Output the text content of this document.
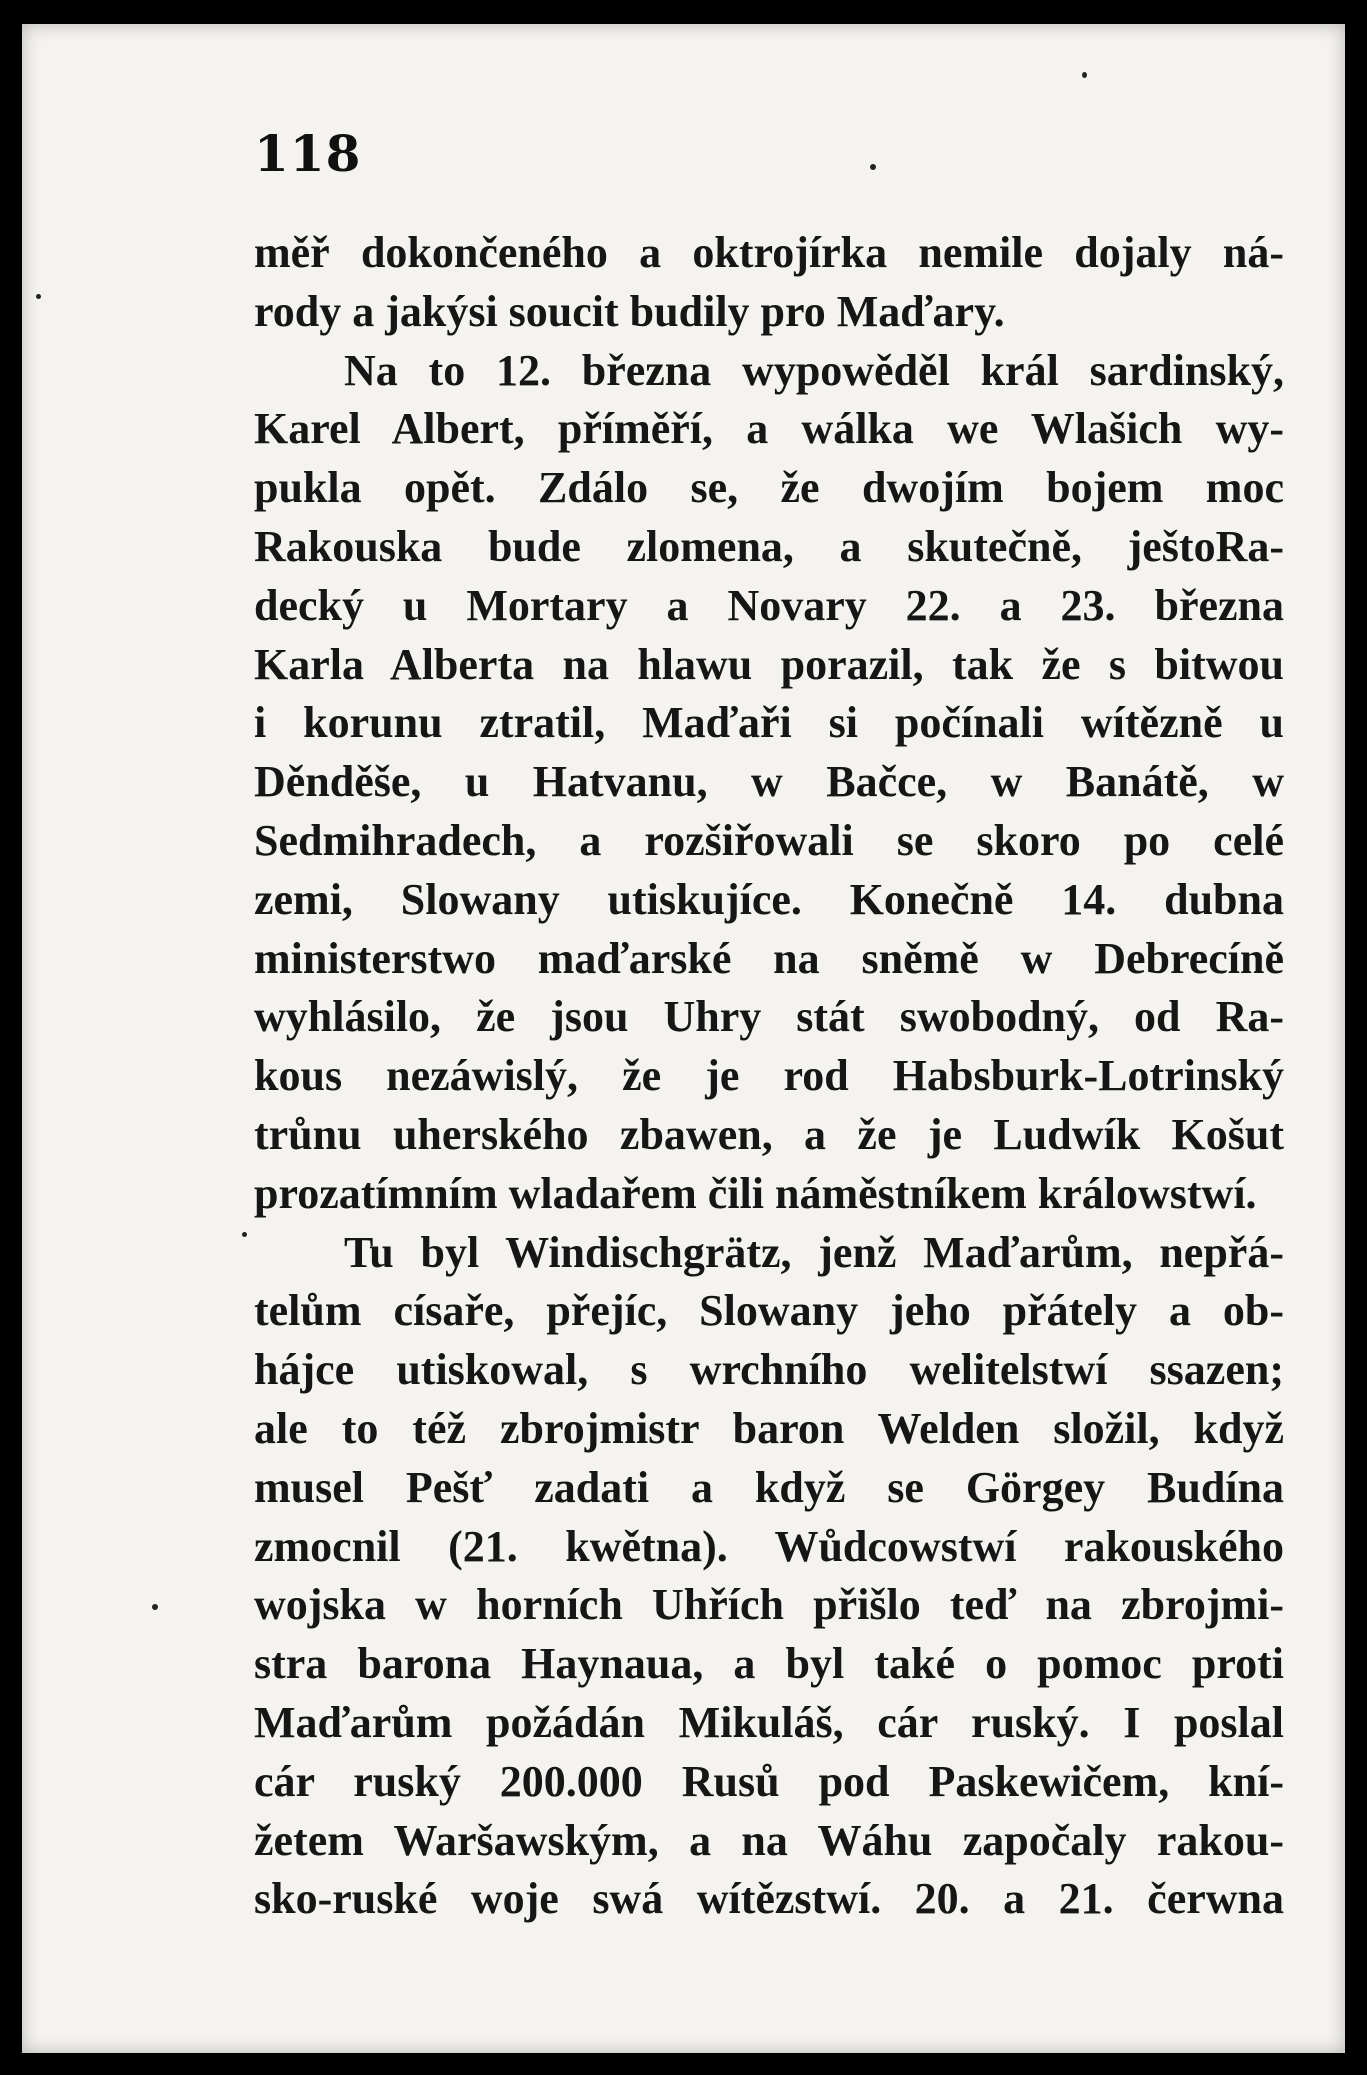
118
měř dokončeného a oktrojírka nemile dojaly ná-
rody a jakýsi soucit budily pro Maďary.
Na to 12. března wypowěděl král sardinský,
Karel Albert, příměří, a wálka we Wlašich wy-
pukla opět. Zdálo se, že dwojím bojem moc
Rakouska bude zlomena, a skutečně, ještoRa-
decký u Mortary a Novary 22. a 23. března
Karla Alberta na hlawu porazil, tak že s bitwou
i korunu ztratil, Maďaři si počínali wítězně u
Děnděše, u Hatvanu, w Bačce, w Banátě, w
Sedmihradech, a rozšiřowali se skoro po celé
zemi, Slowany utiskujíce. Konečně 14. dubna
ministerstwo maďarské na sněmě w Debrecíně
wyhlásilo, že jsou Uhry stát swobodný, od Ra-
kous nezáwislý, že je rod Habsburk-Lotrinský
trůnu uherského zbawen, a že je Ludwík Košut
prozatímním wladařem čili náměstníkem králowstwí.
Tu byl Windischgrätz, jenž Maďarům, nepřá-
telům císaře, přejíc, Slowany jeho přátely a ob-
hájce utiskowal, s wrchního welitelstwí ssazen;
ale to též zbrojmistr baron Welden složil, když
musel Pešť zadati a když se Görgey Budína
zmocnil (21. kwětna). Wůdcowstwí rakouského
wojska w horních Uhřích přišlo teď na zbrojmi-
stra barona Haynaua, a byl také o pomoc proti
Maďarům požádán Mikuláš, cár ruský. I poslal
cár ruský 200.000 Rusů pod Paskewičem, kní-
žetem Waršawským, a na Wáhu započaly rakou-
sko-ruské woje swá wítězstwí. 20. a 21. čerwna
